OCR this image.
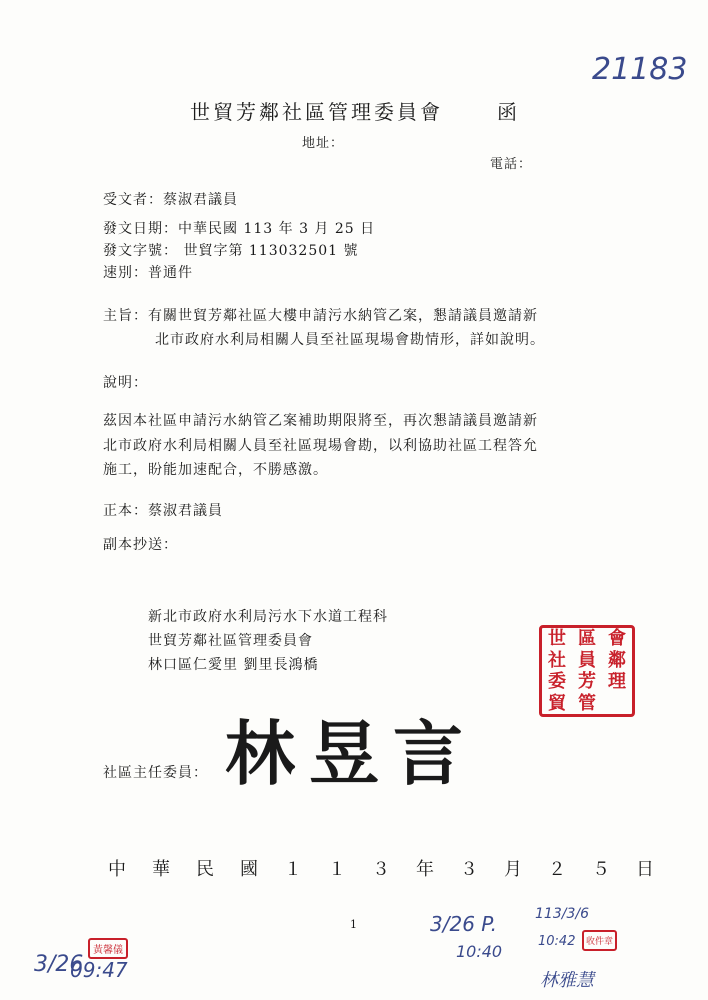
21183
世貿芳鄰社區管理委員會	函
地址：
電話：
受文者：蔡淑君議員
發文日期：中華民國 113 年 3 月 25 日
發文字號： 世貿字第 113032501 號
速別：普通件
主旨：有關世貿芳鄰社區大樓申請污水納管乙案，懇請議員邀請新
北市政府水利局相關人員至社區現場會勘情形，詳如說明。
說明：
茲因本社區申請污水納管乙案補助期限將至，再次懇請議員邀請新
北市政府水利局相關人員至社區現場會勘，以利協助社區工程答允
施工，盼能加速配合，不勝感激。
正本：蔡淑君議員
副本抄送：
新北市政府水利局污水下水道工程科
世貿芳鄰社區管理委員會
林口區仁愛里 劉里長鴻橋
世
社
委
貿
區
員
芳
管
會
鄰
理
社區主任委員： 林昱言
中　華　民　國　１　１　３　年　３　月　２　５　日
1
黃馨儀
3/26
09:47
3/26 P.
10:40
113/3/6
10:42	收件章
林雅慧
